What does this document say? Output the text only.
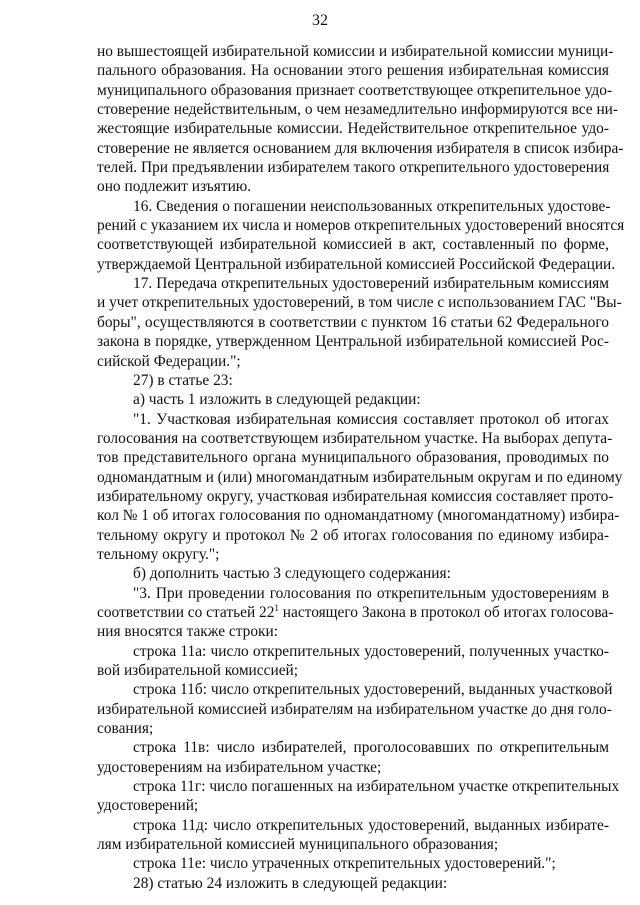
32
но вышестоящей избирательной комиссии и избирательной комиссии муници-
пального образования. На основании этого решения избирательная комиссия
муниципального образования признает соответствующее открепительное удо-
стоверение недействительным, о чем незамедлительно информируются все ни-
жестоящие избирательные комиссии. Недействительное открепительное удо-
стоверение не является основанием для включения избирателя в список избира-
телей. При предъявлении избирателем такого открепительного удостоверения
оно подлежит изъятию.
16. Сведения о погашении неиспользованных открепительных удостове-
рений с указанием их числа и номеров открепительных удостоверений вносятся
соответствующей избирательной комиссией в акт, составленный по форме,
утверждаемой Центральной избирательной комиссией Российской Федерации.
17. Передача открепительных удостоверений избирательным комиссиям
и учет открепительных удостоверений, в том числе с использованием ГАС "Вы-
боры", осуществляются в соответствии с пунктом 16 статьи 62 Федерального
закона в порядке, утвержденном Центральной избирательной комиссией Рос-
сийской Федерации.";
27) в статье 23:
а) часть 1 изложить в следующей редакции:
"1. Участковая избирательная комиссия составляет протокол об итогах
голосования на соответствующем избирательном участке. На выборах депута-
тов представительного органа муниципального образования, проводимых по
одномандатным и (или) многомандатным избирательным округам и по единому
избирательному округу, участковая избирательная комиссия составляет прото-
кол № 1 об итогах голосования по одномандатному (многомандатному) избира-
тельному округу и протокол № 2 об итогах голосования по единому избира-
тельному округу.";
б) дополнить частью 3 следующего содержания:
"3. При проведении голосования по открепительным удостоверениям в
соответствии со статьей $22^1$ настоящего Закона в протокол об итогах голосова-
ния вносятся также строки:
строка 11а: число открепительных удостоверений, полученных участко-
вой избирательной комиссией;
строка 11б: число открепительных удостоверений, выданных участковой
избирательной комиссией избирателям на избирательном участке до дня голо-
сования;
строка 11в: число избирателей, проголосовавших по открепительным
удостоверениям на избирательном участке;
строка 11г: число погашенных на избирательном участке открепительных
удостоверений;
строка 11д: число открепительных удостоверений, выданных избирате-
лям избирательной комиссией муниципального образования;
строка 11е: число утраченных открепительных удостоверений.";
28) статью 24 изложить в следующей редакции:
